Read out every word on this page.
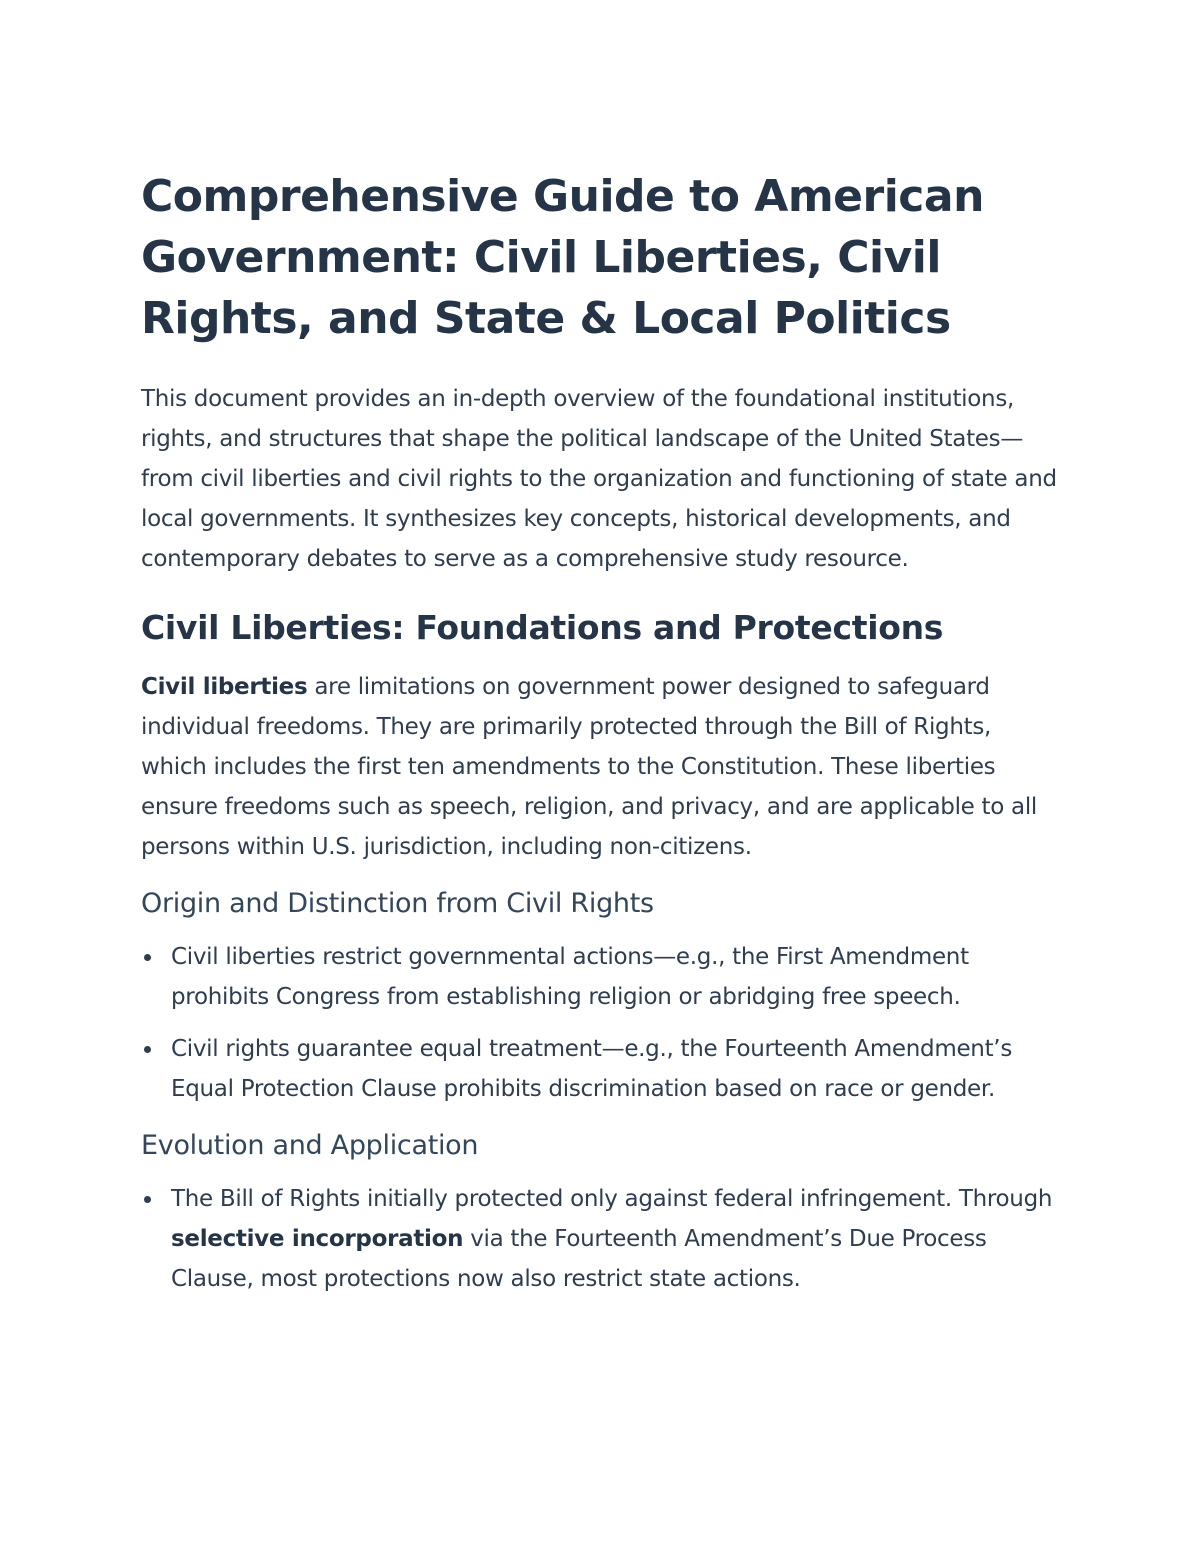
Comprehensive Guide to American Government: Civil Liberties, Civil Rights, and State & Local Politics

This document provides an in-depth overview of the foundational institutions, rights, and structures that shape the political landscape of the United States—from civil liberties and civil rights to the organization and functioning of state and local governments. It synthesizes key concepts, historical developments, and contemporary debates to serve as a comprehensive study resource.

Civil Liberties: Foundations and Protections

Civil liberties are limitations on government power designed to safeguard individual freedoms. They are primarily protected through the Bill of Rights, which includes the first ten amendments to the Constitution. These liberties ensure freedoms such as speech, religion, and privacy, and are applicable to all persons within U.S. jurisdiction, including non-citizens.

Origin and Distinction from Civil Rights
Civil liberties restrict governmental actions—e.g., the First Amendment prohibits Congress from establishing religion or abridging free speech.
Civil rights guarantee equal treatment—e.g., the Fourteenth Amendment’s Equal Protection Clause prohibits discrimination based on race or gender.
Evolution and Application
The Bill of Rights initially protected only against federal infringement. Through selective incorporation via the Fourteenth Amendment’s Due Process Clause, most protections now also restrict state actions.
